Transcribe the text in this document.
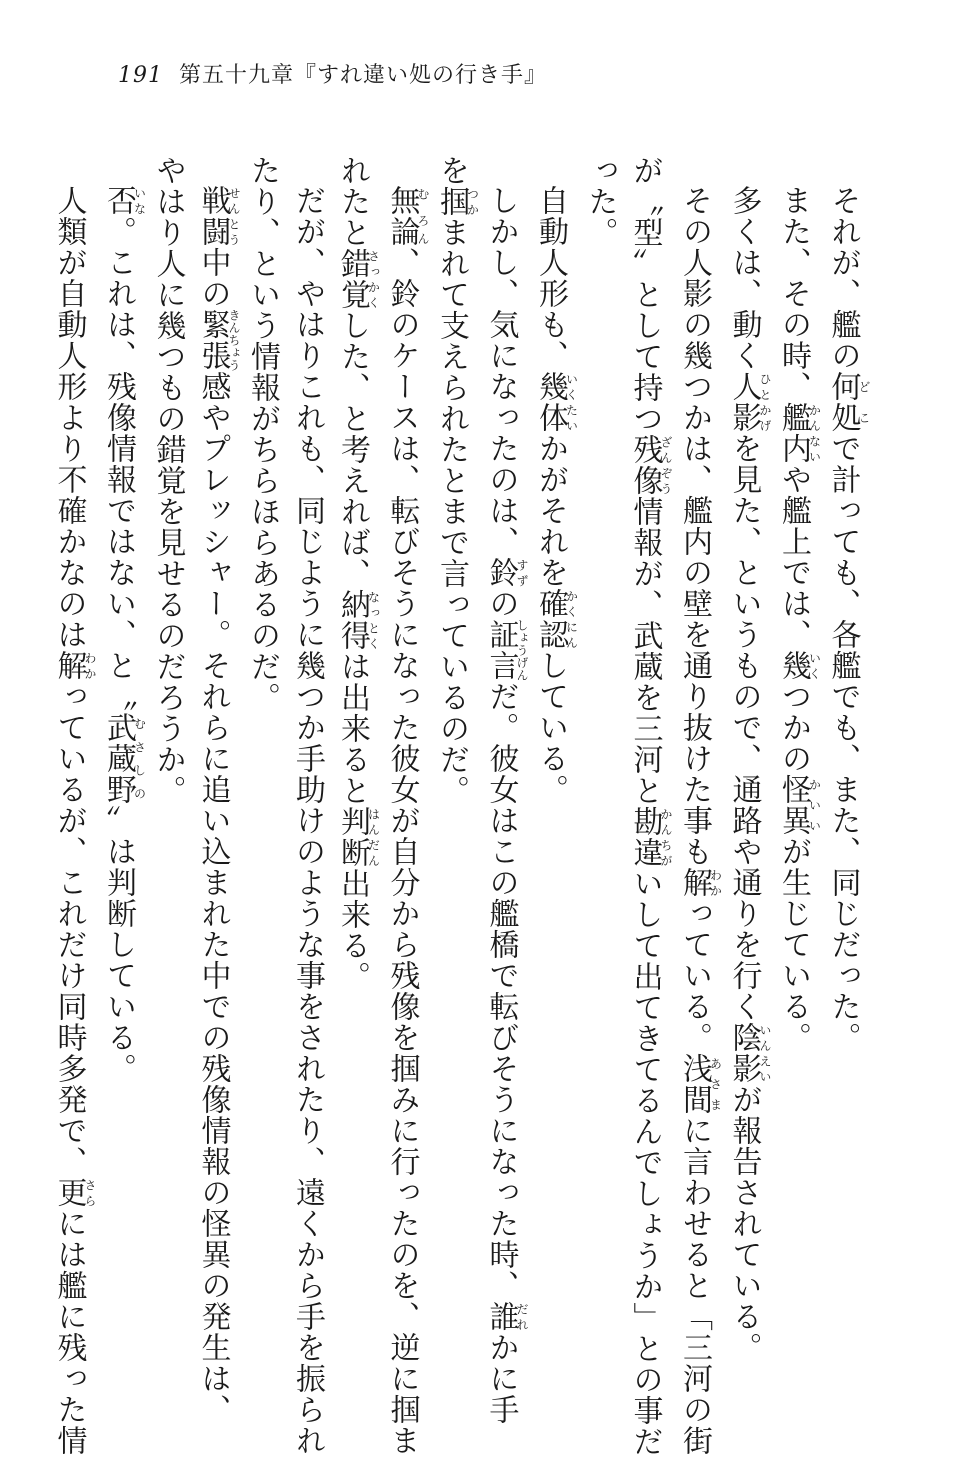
191 第五十九章『すれ違い処の行き手』
それが、艦の何処どこで計っても、各艦でも、また、同じだった。
また、その時、艦内かんないや艦上では、幾いくつかの怪異かいいが生じている。
多くは、動く人影ひとかげを見た、というもので、通路や通りを行く陰影いんえいが報告されている。
その人影の幾つかは、艦内の壁を通り抜けた事も解わかっている。浅間あさまに言わせると「三河の街
が〝型〟として持つ残像ざんぞう情報が、武蔵を三河と勘違かんちがいして出てきてるんでしょうか」との事だ
った。
自動人形も、幾体いくたいかがそれを確認かくにんしている。
しかし、気になったのは、鈴すずの証言しょうげんだ。彼女はこの艦橋で転びそうになった時、誰だれかに手
を掴つかまれて支えられたとまで言っているのだ。
無論む ろん、鈴のケースは、転びそうになった彼女が自分から残像を掴みに行ったのを、逆に掴ま
れたと錯覚さっかくした、と考えれば、納得なっとくは出来ると判断はんだん出来る。
だが、やはりこれも、同じように幾つか手助けのような事をされたり、遠くから手を振られ
たり、という情報がちらほらあるのだ。
戦闘せんとう中の緊張きんちょう感やプレッシャー。それらに追い込まれた中での残像情報の怪異の発生は、
やはり人に幾つもの錯覚を見せるのだろうか。
否いな。これは、残像情報ではない、と〝武蔵野むさしの〟は判断している。
人類が自動人形より不確かなのは解わかっているが、これだけ同時多発で、更さらには艦に残った情
